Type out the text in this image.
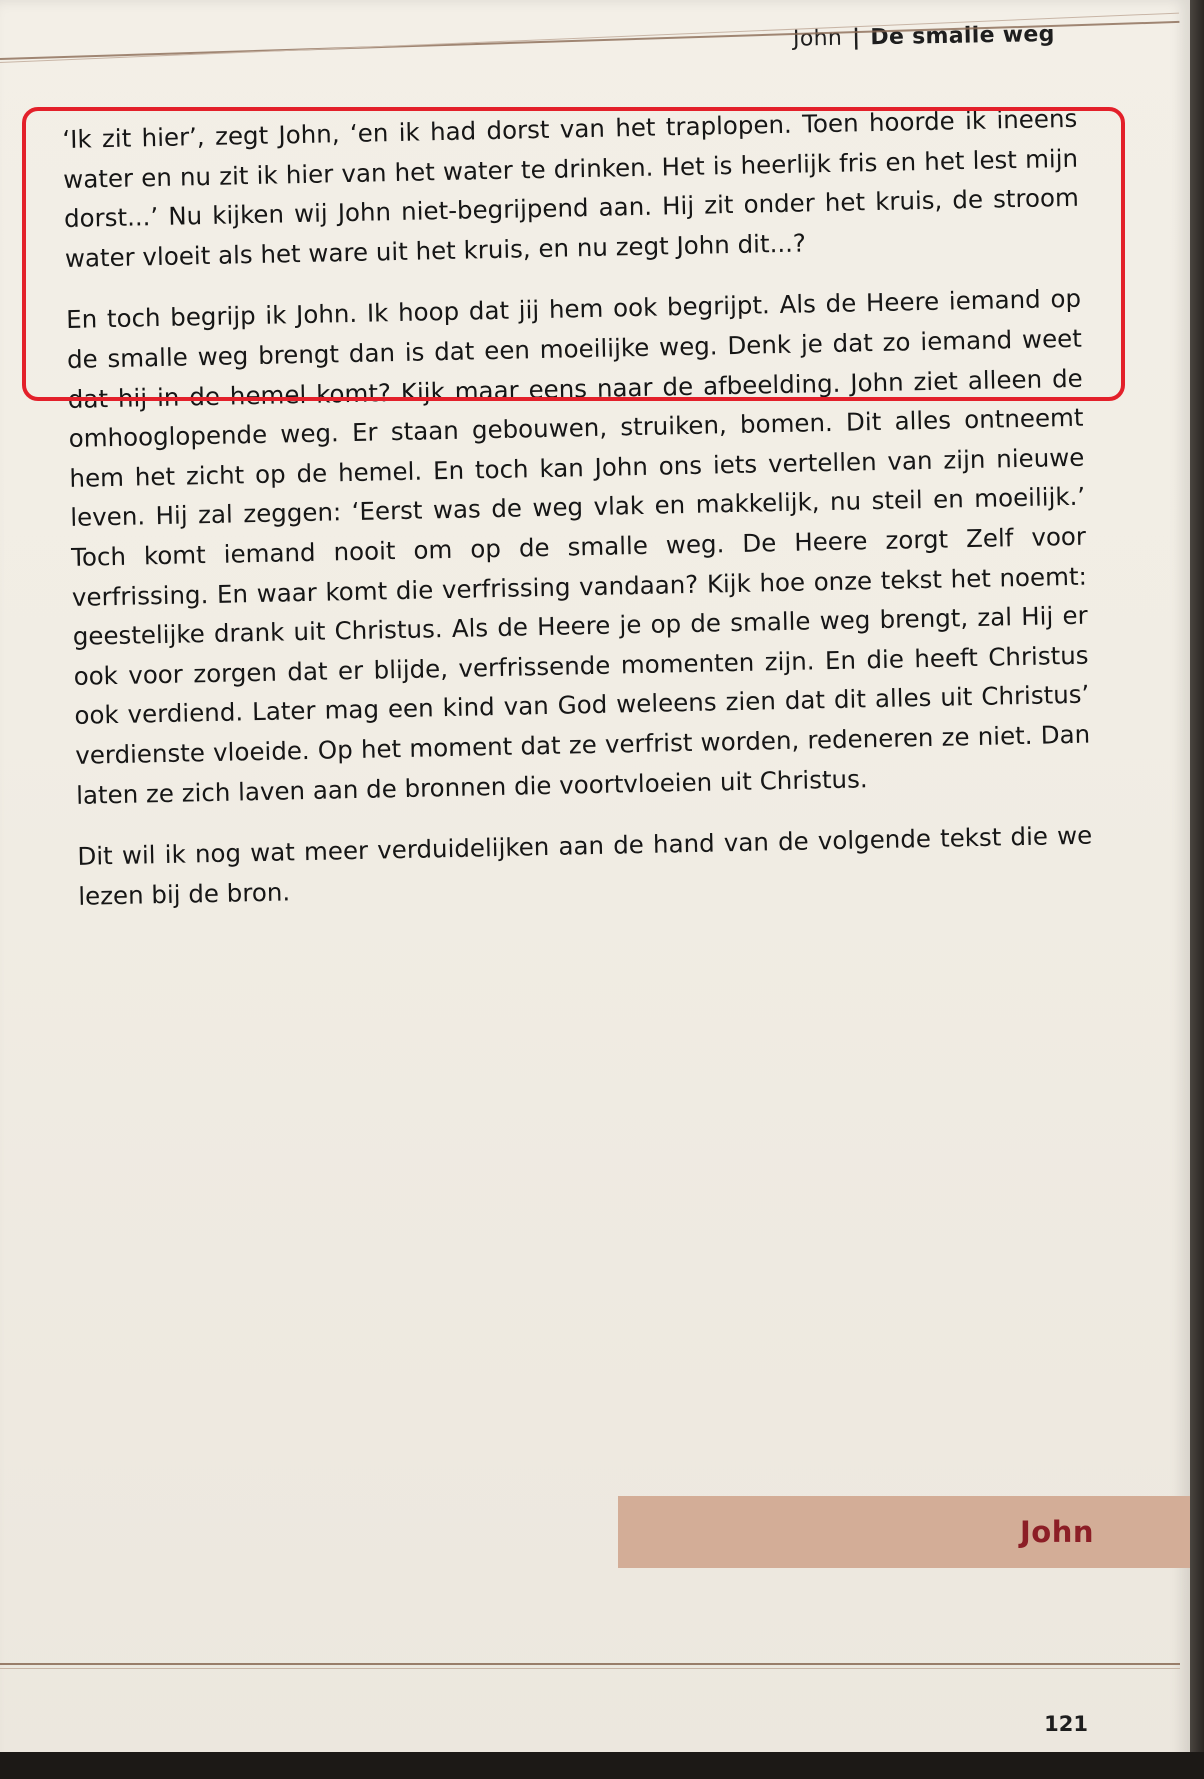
John | De smalle weg

‘Ik zit hier’, zegt John, ‘en ik had dorst van het traplopen. Toen hoorde ik ineens water en nu zit ik hier van het water te drinken. Het is heerlijk fris en het lest mijn dorst...’ Nu kijken wij John niet-begrijpend aan. Hij zit onder het kruis, de stroom water vloeit als het ware uit het kruis, en nu zegt John dit...?

En toch begrijp ik John. Ik hoop dat jij hem ook begrijpt. Als de Heere iemand op de smalle weg brengt dan is dat een moeilijke weg. Denk je dat zo iemand weet dat hij in de hemel komt? Kijk maar eens naar de afbeelding. John ziet alleen de omhooglopende weg. Er staan gebouwen, struiken, bomen. Dit alles ontneemt hem het zicht op de hemel. En toch kan John ons iets vertellen van zijn nieuwe leven. Hij zal zeggen: ‘Eerst was de weg vlak en makkelijk, nu steil en moeilijk.’ Toch komt iemand nooit om op de smalle weg. De Heere zorgt Zelf voor verfrissing. En waar komt die verfrissing vandaan? Kijk hoe onze tekst het noemt: geestelijke drank uit Christus. Als de Heere je op de smalle weg brengt, zal Hij er ook voor zorgen dat er blijde, verfrissende momenten zijn. En die heeft Christus ook verdiend. Later mag een kind van God weleens zien dat dit alles uit Christus’ verdienste vloeide. Op het moment dat ze verfrist worden, redeneren ze niet. Dan laten ze zich laven aan de bronnen die voortvloeien uit Christus.

Dit wil ik nog wat meer verduidelijken aan de hand van de volgende tekst die we lezen bij de bron.

John
121
